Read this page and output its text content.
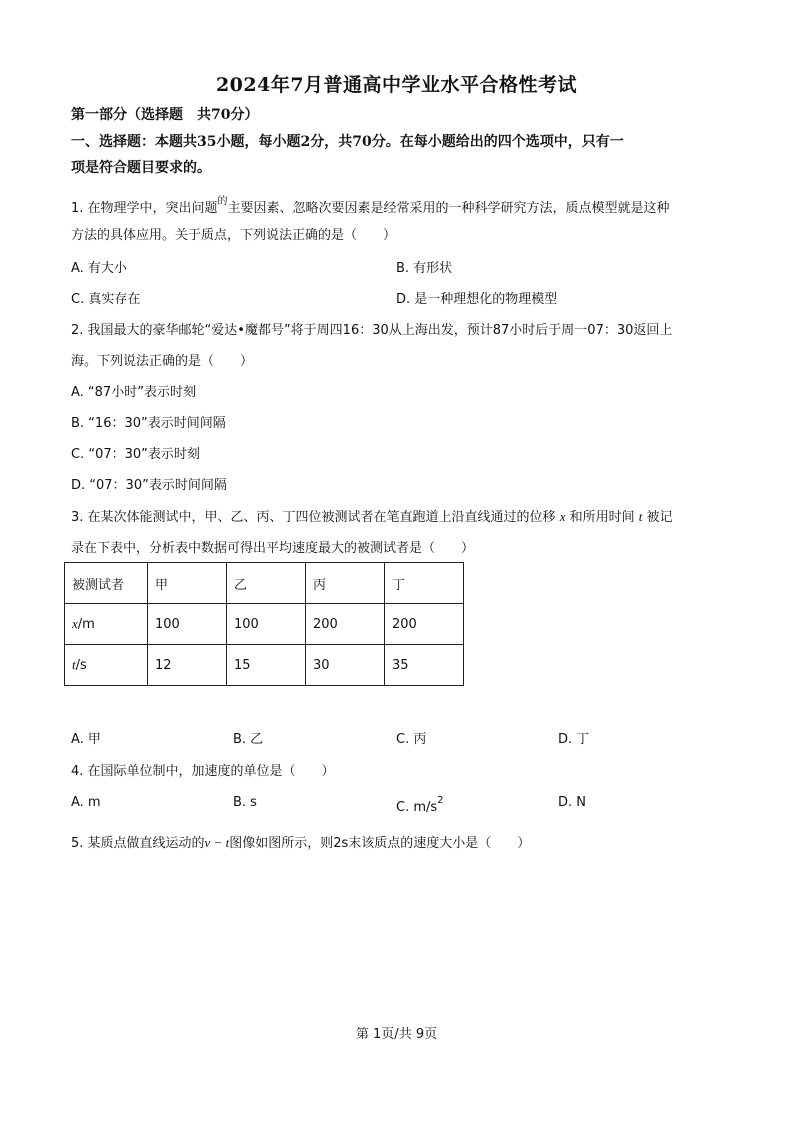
2024年7月普通高中学业水平合格性考试
第一部分（选择题　共70分）
一、选择题：本题共35小题，每小题2分，共70分。在每小题给出的四个选项中，只有一
项是符合题目要求的。
1. 在物理学中，突出问题$^的$主要因素、忽略次要因素是经常采用的一种科学研究方法，质点模型就是这种
方法的具体应用。关于质点，下列说法正确的是（　　）
A. 有大小	B. 有形状
C. 真实存在	D. 是一种理想化的物理模型
2. 我国最大的豪华邮轮“爱达•魔都号”将于周四16：30从上海出发，预计87小时后于周一07：30返回上
海。下列说法正确的是（　　）
A. “87小时”表示时刻
B. “16：30”表示时间间隔
C. “07：30”表示时刻
D. “07：30”表示时间间隔
3. 在某次体能测试中，甲、乙、丙、丁四位被测试者在笔直跑道上沿直线通过的位移 x 和所用时间 t 被记
录在下表中，分析表中数据可得出平均速度最大的被测试者是（　　）
被测试者	甲	乙	丙	丁
x/m	100	100	200	200
t/s	12	15	30	35
A. 甲	B. 乙	C. 丙	D. 丁
4. 在国际单位制中，加速度的单位是（　　）
A. m	B. s	C. $m/s^2$	D. N
5. 某质点做直线运动的v − t图像如图所示，则2s末该质点的速度大小是（　　）
第 1页/共 9页
